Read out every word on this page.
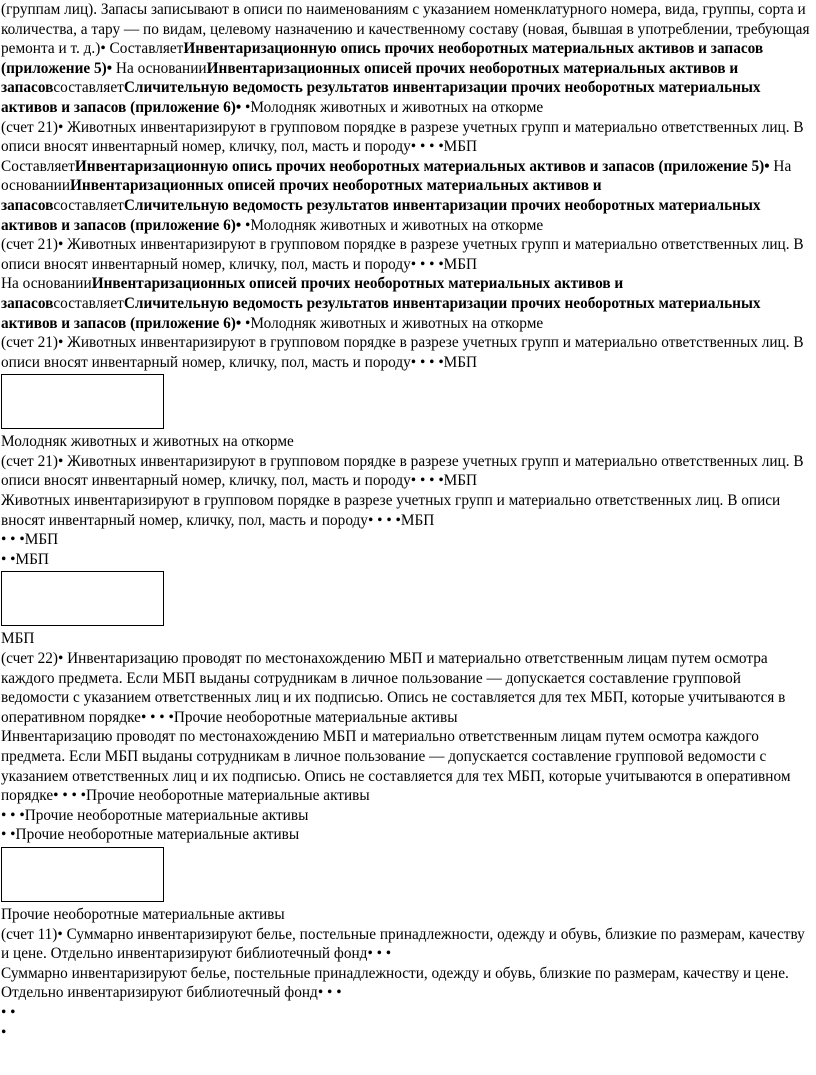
(группам лиц). Запасы записывают в описи по наименованиям с указанием номенклатурного номера, вида, группы, сорта и количества, а тару — по видам, целевому назначению и качественному составу (новая, бывшая в употреблении, требующая ремонта и т. д.)• СоставляетИнвентаризационную опись прочих необоротных материальных активов и запасов (приложение 5)• На основанииИнвентаризационных описей прочих необоротных материальных активов и запасовсоставляетСличительную ведомость результатов инвентаризации прочих необоротных материальных активов и запасов (приложение 6)• •Молодняк животных и животных на откорме
(счет 21)• Животных инвентаризируют в групповом порядке в разрезе учетных групп и материально ответственных лиц. В описи вносят инвентарный номер, кличку, пол, масть и породу• • • •МБП
СоставляетИнвентаризационную опись прочих необоротных материальных активов и запасов (приложение 5)• На основанииИнвентаризационных описей прочих необоротных материальных активов и запасовсоставляетСличительную ведомость результатов инвентаризации прочих необоротных материальных активов и запасов (приложение 6)• •Молодняк животных и животных на откорме
(счет 21)• Животных инвентаризируют в групповом порядке в разрезе учетных групп и материально ответственных лиц. В описи вносят инвентарный номер, кличку, пол, масть и породу• • • •МБП
На основанииИнвентаризационных описей прочих необоротных материальных активов и запасовсоставляетСличительную ведомость результатов инвентаризации прочих необоротных материальных активов и запасов (приложение 6)• •Молодняк животных и животных на откорме
(счет 21)• Животных инвентаризируют в групповом порядке в разрезе учетных групп и материально ответственных лиц. В описи вносят инвентарный номер, кличку, пол, масть и породу• • • •МБП
Молодняк животных и животных на откорме
(счет 21)• Животных инвентаризируют в групповом порядке в разрезе учетных групп и материально ответственных лиц. В описи вносят инвентарный номер, кличку, пол, масть и породу• • • •МБП
Животных инвентаризируют в групповом порядке в разрезе учетных групп и материально ответственных лиц. В описи вносят инвентарный номер, кличку, пол, масть и породу• • • •МБП
• • •МБП
• •МБП
МБП
(счет 22)• Инвентаризацию проводят по местонахождению МБП и материально ответственным лицам путем осмотра каждого предмета. Если МБП выданы сотрудникам в личное пользование — допускается составление групповой ведомости с указанием ответственных лиц и их подписью. Опись не составляется для тех МБП, которые учитываются в оперативном порядке• • • •Прочие необоротные материальные активы
Инвентаризацию проводят по местонахождению МБП и материально ответственным лицам путем осмотра каждого предмета. Если МБП выданы сотрудникам в личное пользование — допускается составление групповой ведомости с указанием ответственных лиц и их подписью. Опись не составляется для тех МБП, которые учитываются в оперативном порядке• • • •Прочие необоротные материальные активы
• • •Прочие необоротные материальные активы
• •Прочие необоротные материальные активы
Прочие необоротные материальные активы
(счет 11)• Суммарно инвентаризируют белье, постельные принадлежности, одежду и обувь, близкие по размерам, качеству и цене. Отдельно инвентаризируют библиотечный фонд• • •
Суммарно инвентаризируют белье, постельные принадлежности, одежду и обувь, близкие по размерам, качеству и цене. Отдельно инвентаризируют библиотечный фонд• • •
• •
•
